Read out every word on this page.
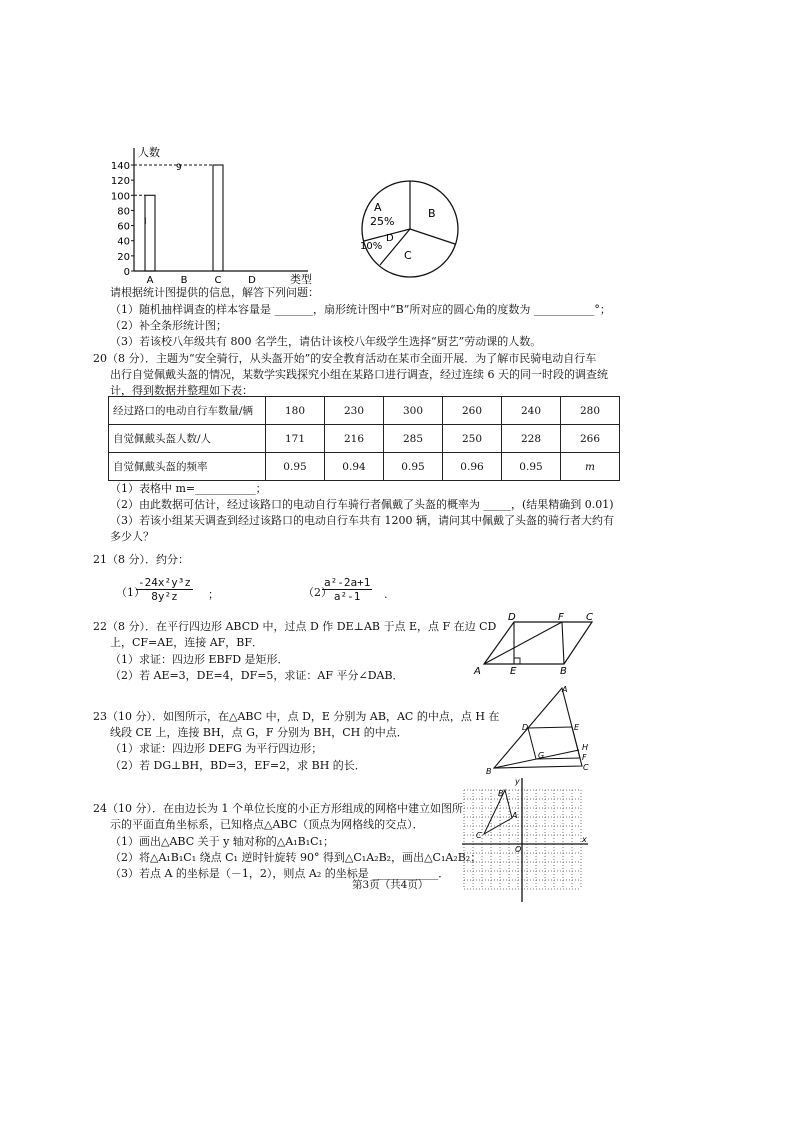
人数
类型
140
120
100
80
60
40
20
0
A	B	C	D
9
I
A
25%
B
C
D
10%
请根据统计图提供的信息，解答下列问题：
（1）随机抽样调查的样本容量是 _______，扇形统计图中“B”所对应的圆心角的度数为 ___________°；
（2）补全条形统计图；
（3）若该校八年级共有 800 名学生，请估计该校八年级学生选择“厨艺”劳动课的人数。
20（8 分）．主题为“安全骑行，从头盔开始”的安全教育活动在某市全面开展．为了解市民骑电动自行车
出行自觉佩戴头盔的情况，某数学实践探究小组在某路口进行调查，经过连续 6 天的同一时段的调查统
计，得到数据并整理如下表：
经过路口的电动自行车数量/辆	180	230	300	260	240	280
自觉佩戴头盔人数/人	171	216	285	250	228	266
自觉佩戴头盔的频率	0.95	0.94	0.95	0.96	0.95	m
（1）表格中 m=___________；
（2）由此数据可估计，经过该路口的电动自行车骑行者佩戴了头盔的概率为 _____，(结果精确到 0.01)
（3）若该小组某天调查到经过该路口的电动自行车共有 1200 辆，请问其中佩戴了头盔的骑行者大约有
多少人？
21（8 分）．约分：
（1）
$\frac{\text{-24x²y³z}}{\text{8y²z}}$ ；	（2）
$\frac{\text{a²-2a+1}}{\text{a²-1}}$ .
22（8 分）．在平行四边形 ABCD 中，过点 D 作 DE⊥AB 于点 E，点 F 在边 CD
上，CF=AE，连接 AF，BF．
（1）求证：四边形 EBFD 是矩形．
（2）若 AE=3，DE=4，DF=5，求证：AF 平分∠DAB．	A	E	B
C
D	F
23（10 分）．如图所示，在△ABC 中，点 D，E 分别为 AB，AC 的中点，点 H 在
线段 CE 上，连接 BH，点 G，F 分别为 BH，CH 的中点．
（1）求证：四边形 DEFG 为平行四边形；
（2）若 DG⊥BH，BD=3，EF=2，求 BH 的长．
A
D	E
G
H
F
B	C
24（10 分）．在由边长为 1 个单位长度的小正方形组成的网格中建立如图所
示的平面直角坐标系，已知格点△ABC（顶点为网格线的交点）．
（1）画出△ABC 关于 y 轴对称的△A₁B₁C₁；
（2）将△A₁B₁C₁ 绕点 C₁ 逆时针旋转 90° 得到△C₁A₂B₂，画出△C₁A₂B₂；
（3）若点 A 的坐标是（－1，2），则点 A₂ 的坐标是 ____________．
y
x
A
B
C
O
第3页（共4页）
